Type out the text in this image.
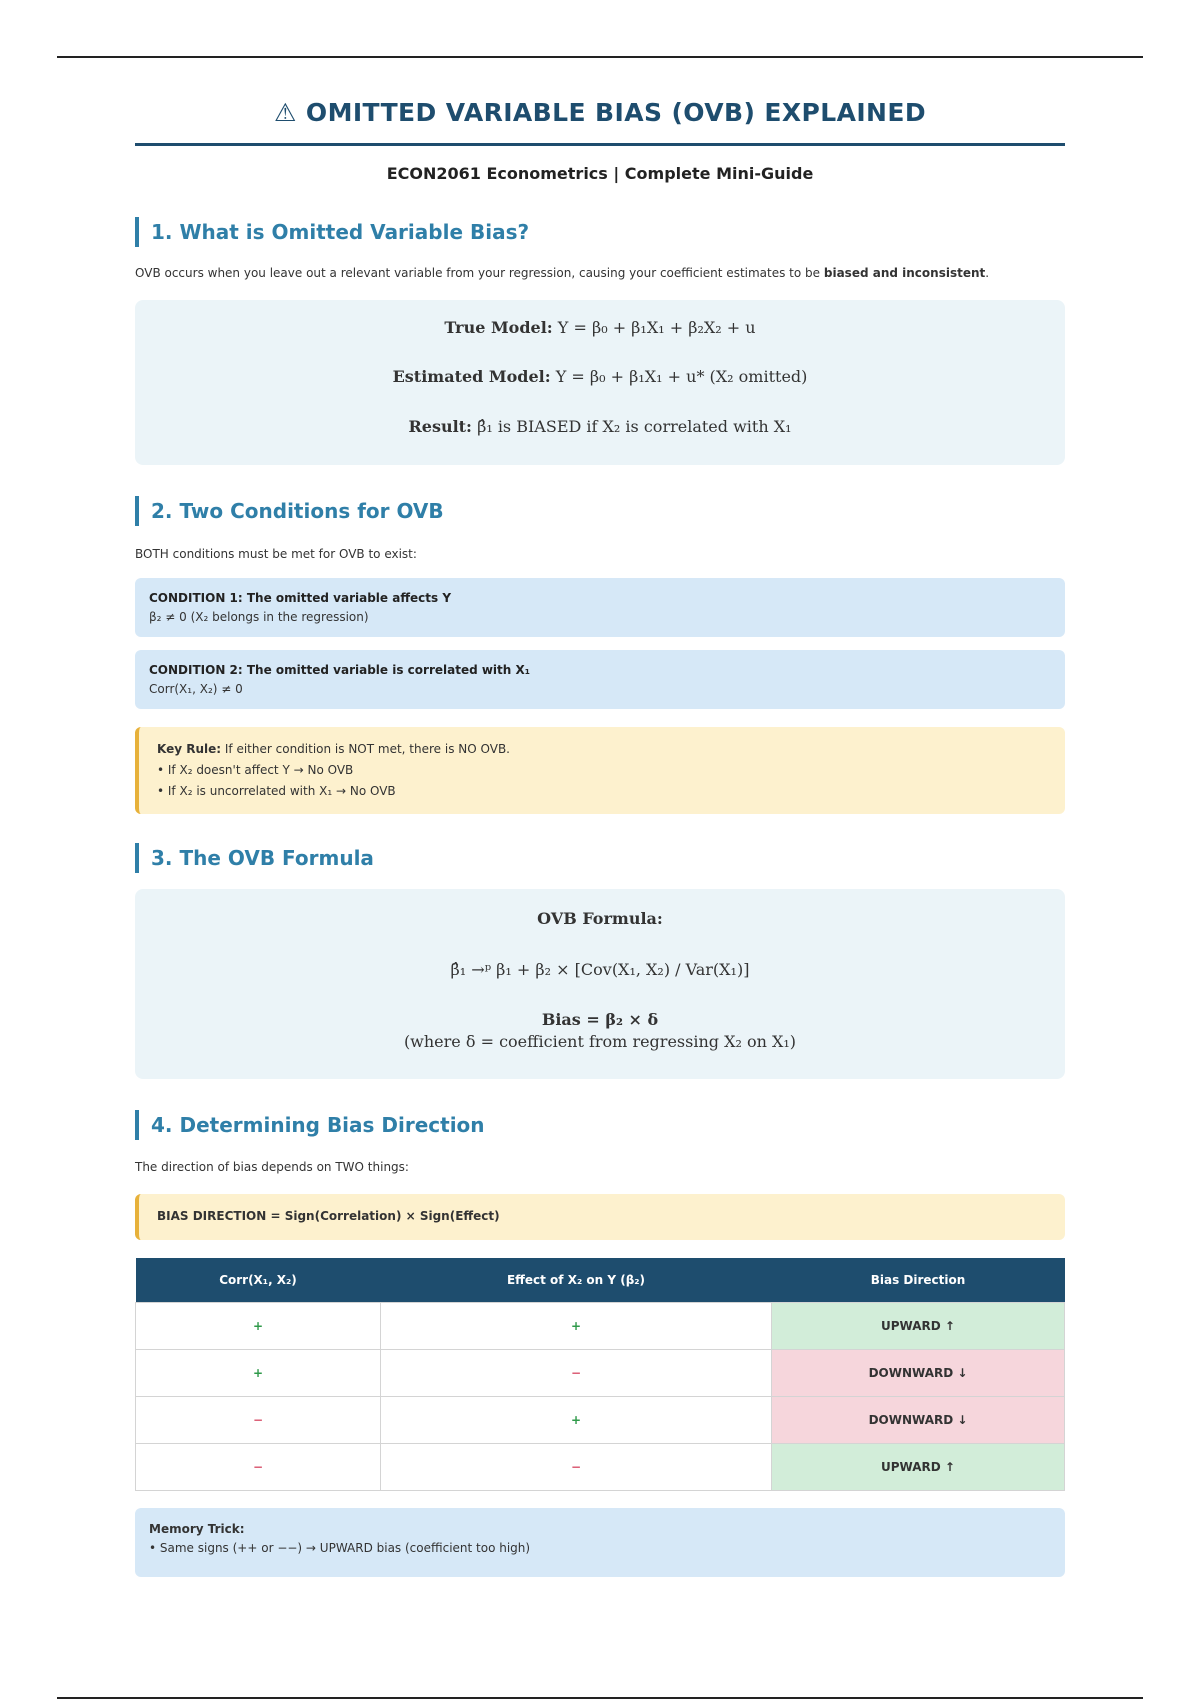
⚠ OMITTED VARIABLE BIAS (OVB) EXPLAINED

ECON2061 Econometrics | Complete Mini-Guide

1. What is Omitted Variable Bias?

OVB occurs when you leave out a relevant variable from your regression, causing your coefficient estimates to be biased and inconsistent.

True Model: Y = β₀ + β₁X₁ + β₂X₂ + u

Estimated Model: Y = β₀ + β₁X₁ + u* (X₂ omitted)

Result: β̂₁ is BIASED if X₂ is correlated with X₁

2. Two Conditions for OVB

BOTH conditions must be met for OVB to exist:

CONDITION 1: The omitted variable affects Y
β₂ ≠ 0 (X₂ belongs in the regression)
CONDITION 2: The omitted variable is correlated with X₁
Corr(X₁, X₂) ≠ 0
Key Rule: If either condition is NOT met, there is NO OVB.
• If X₂ doesn't affect Y → No OVB
• If X₂ is uncorrelated with X₁ → No OVB
3. The OVB Formula

OVB Formula:

β̂₁ →ᵖ β₁ + β₂ × [Cov(X₁, X₂) / Var(X₁)]

Bias = β₂ × δ

(where δ = coefficient from regressing X₂ on X₁)

4. Determining Bias Direction

The direction of bias depends on TWO things:

BIAS DIRECTION = Sign(Correlation) × Sign(Effect)
Corr(X₁, X₂)	Effect of X₂ on Y (β₂)	Bias Direction
+	+	UPWARD ↑
+	−	DOWNWARD ↓
−	+	DOWNWARD ↓
−	−	UPWARD ↑
Memory Trick:
• Same signs (++ or −−) → UPWARD bias (coefficient too high)
